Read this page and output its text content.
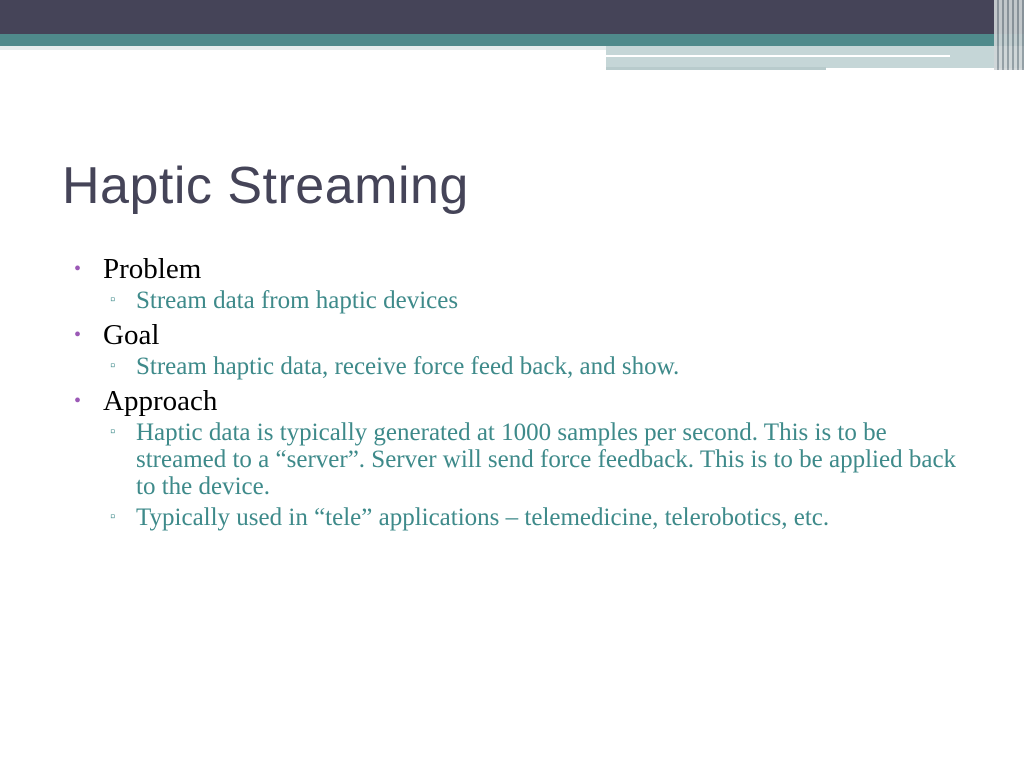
Haptic Streaming
• Problem
▫ Stream data from haptic devices
• Goal
▫ Stream haptic data, receive force feed back, and show.
• Approach
▫ Haptic data is typically generated at 1000 samples per second. This is to be streamed to a “server”. Server will send force feedback. This is to be applied back to the device.
▫ Typically used in “tele” applications – telemedicine, telerobotics, etc.
